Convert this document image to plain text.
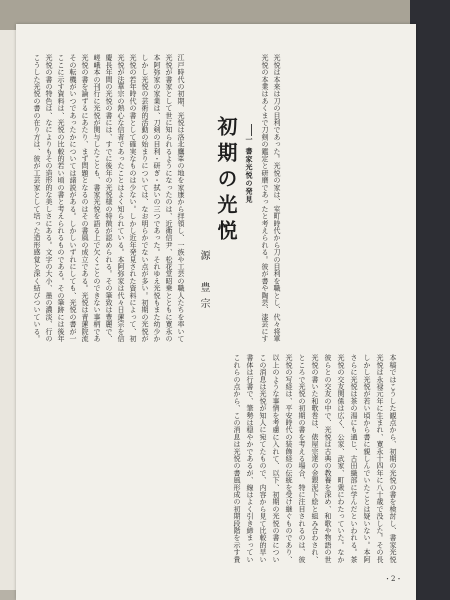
光悦は本来は刀の目利であった。光悦の家は、室町時代から刀の目利を職とし、代々将軍
光悦の本業はあくまで刀剣の鑑定と研磨であったと考えられる。彼が書や陶芸、漆芸にす
一 書家光悦の発見
初期の光悦
源　豊宗
江戸時代の初期、光悦は洛北鷹峯の地を家康から拝領し、一族や工芸の職人たちを率いて
光悦が書家として世に知られるようになったのは、近衛信尹、松花堂昭乗とともに寛永の
本阿弥家の家業は、刀剣の目利・研ぎ・拭いの三つであった。それゆえ光悦もまた幼少か
しかし光悦の芸術的活動の始まりについては、なお明らかでない点が多い。初期の光悦が
光悦の若年時代の書として確実なものは少ない。しかし近年発見された資料によって、初
光悦が法華宗の熱心な信者であったことはよく知られている。本阿弥家は代々日蓮宗を信
慶長年間の光悦の書には、すでに後年の光悦様の特徴が認められる。その筆致は豊麗で、
嵯峨本の刊行に光悦が関与したことも、書家光悦を語る上で欠くことのできない事柄であ
光悦の書を論ずるにあたり、まず問題となるのはその書風の成立である。光悦は青蓮院流
その転機がいつであったかについては諸説がある。しかしいずれにしても、光悦の書が一
ここに示す資料は、光悦の比較的若い頃の書と考えられるものである。その筆跡には後年
光悦の書の特色は、なによりもその造形的な美しさにある。文字の大小、墨の濃淡、行の
こうした光悦の書の在り方は、彼が工芸家として培った造形感覚と深く結びついている。
本稿ではこうした観点から、初期の光悦の書を検討し、書家光悦
光悦は永禄元年に生まれ、寛永十四年に八十歳で没した。その長
しかし光悦が若い頃から書に親しんでいたことは疑いない。本阿
さらに光悦は茶の湯にも通じ、古田織部に学んだといわれる。茶
光悦の交友関係は広く、公家、武家、町衆にわたっていた。なか
彼らとの交友の中で、光悦は古典の教養を深め、和歌や物語の世
光悦の書いた和歌巻は、俵屋宗達の金銀泥下絵と組み合わされ、
ところで光悦の初期の書を考える場合、特に注目されるのは、彼
光悦の写経は、平安時代の装飾経の伝統を受け継ぐものであり、
以上のような事情を考慮に入れて、以下、初期の光悦の書につい
この消息は光悦が知人に宛てたもので、内容から見て比較的早い
書体は行書で、筆勢は穏やかであるが、線はよく引き締まってい
これらの点から、この消息は光悦の書風形成の初期段階を示す貴
・2・
